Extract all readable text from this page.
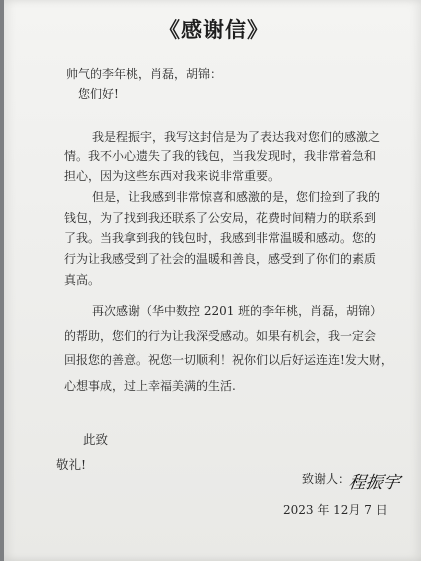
《感谢信》
帅气的李年桃，肖磊，胡锦：
您们好!
我是程振宇，我写这封信是为了表达我对您们的感激之
情。我不小心遗失了我的钱包，当我发现时，我非常着急和
担心，因为这些东西对我来说非常重要。
但是，让我感到非常惊喜和感激的是，您们捡到了我的
钱包，为了找到我还联系了公安局，花费时间精力的联系到
了我。当我拿到我的钱包时，我感到非常温暖和感动。您的
行为让我感受到了社会的温暖和善良，感受到了你们的素质
真高。
再次感谢（华中数控 2201 班的李年桃，肖磊，胡锦）
的帮助，您们的行为让我深受感动。如果有机会，我一定会
回报您的善意。祝您一切顺利！祝你们以后好运连连!发大财，
心想事成，过上幸福美满的生活.
此致
敬礼!
致谢人：
程振宇
2023 年 12月 7 日
